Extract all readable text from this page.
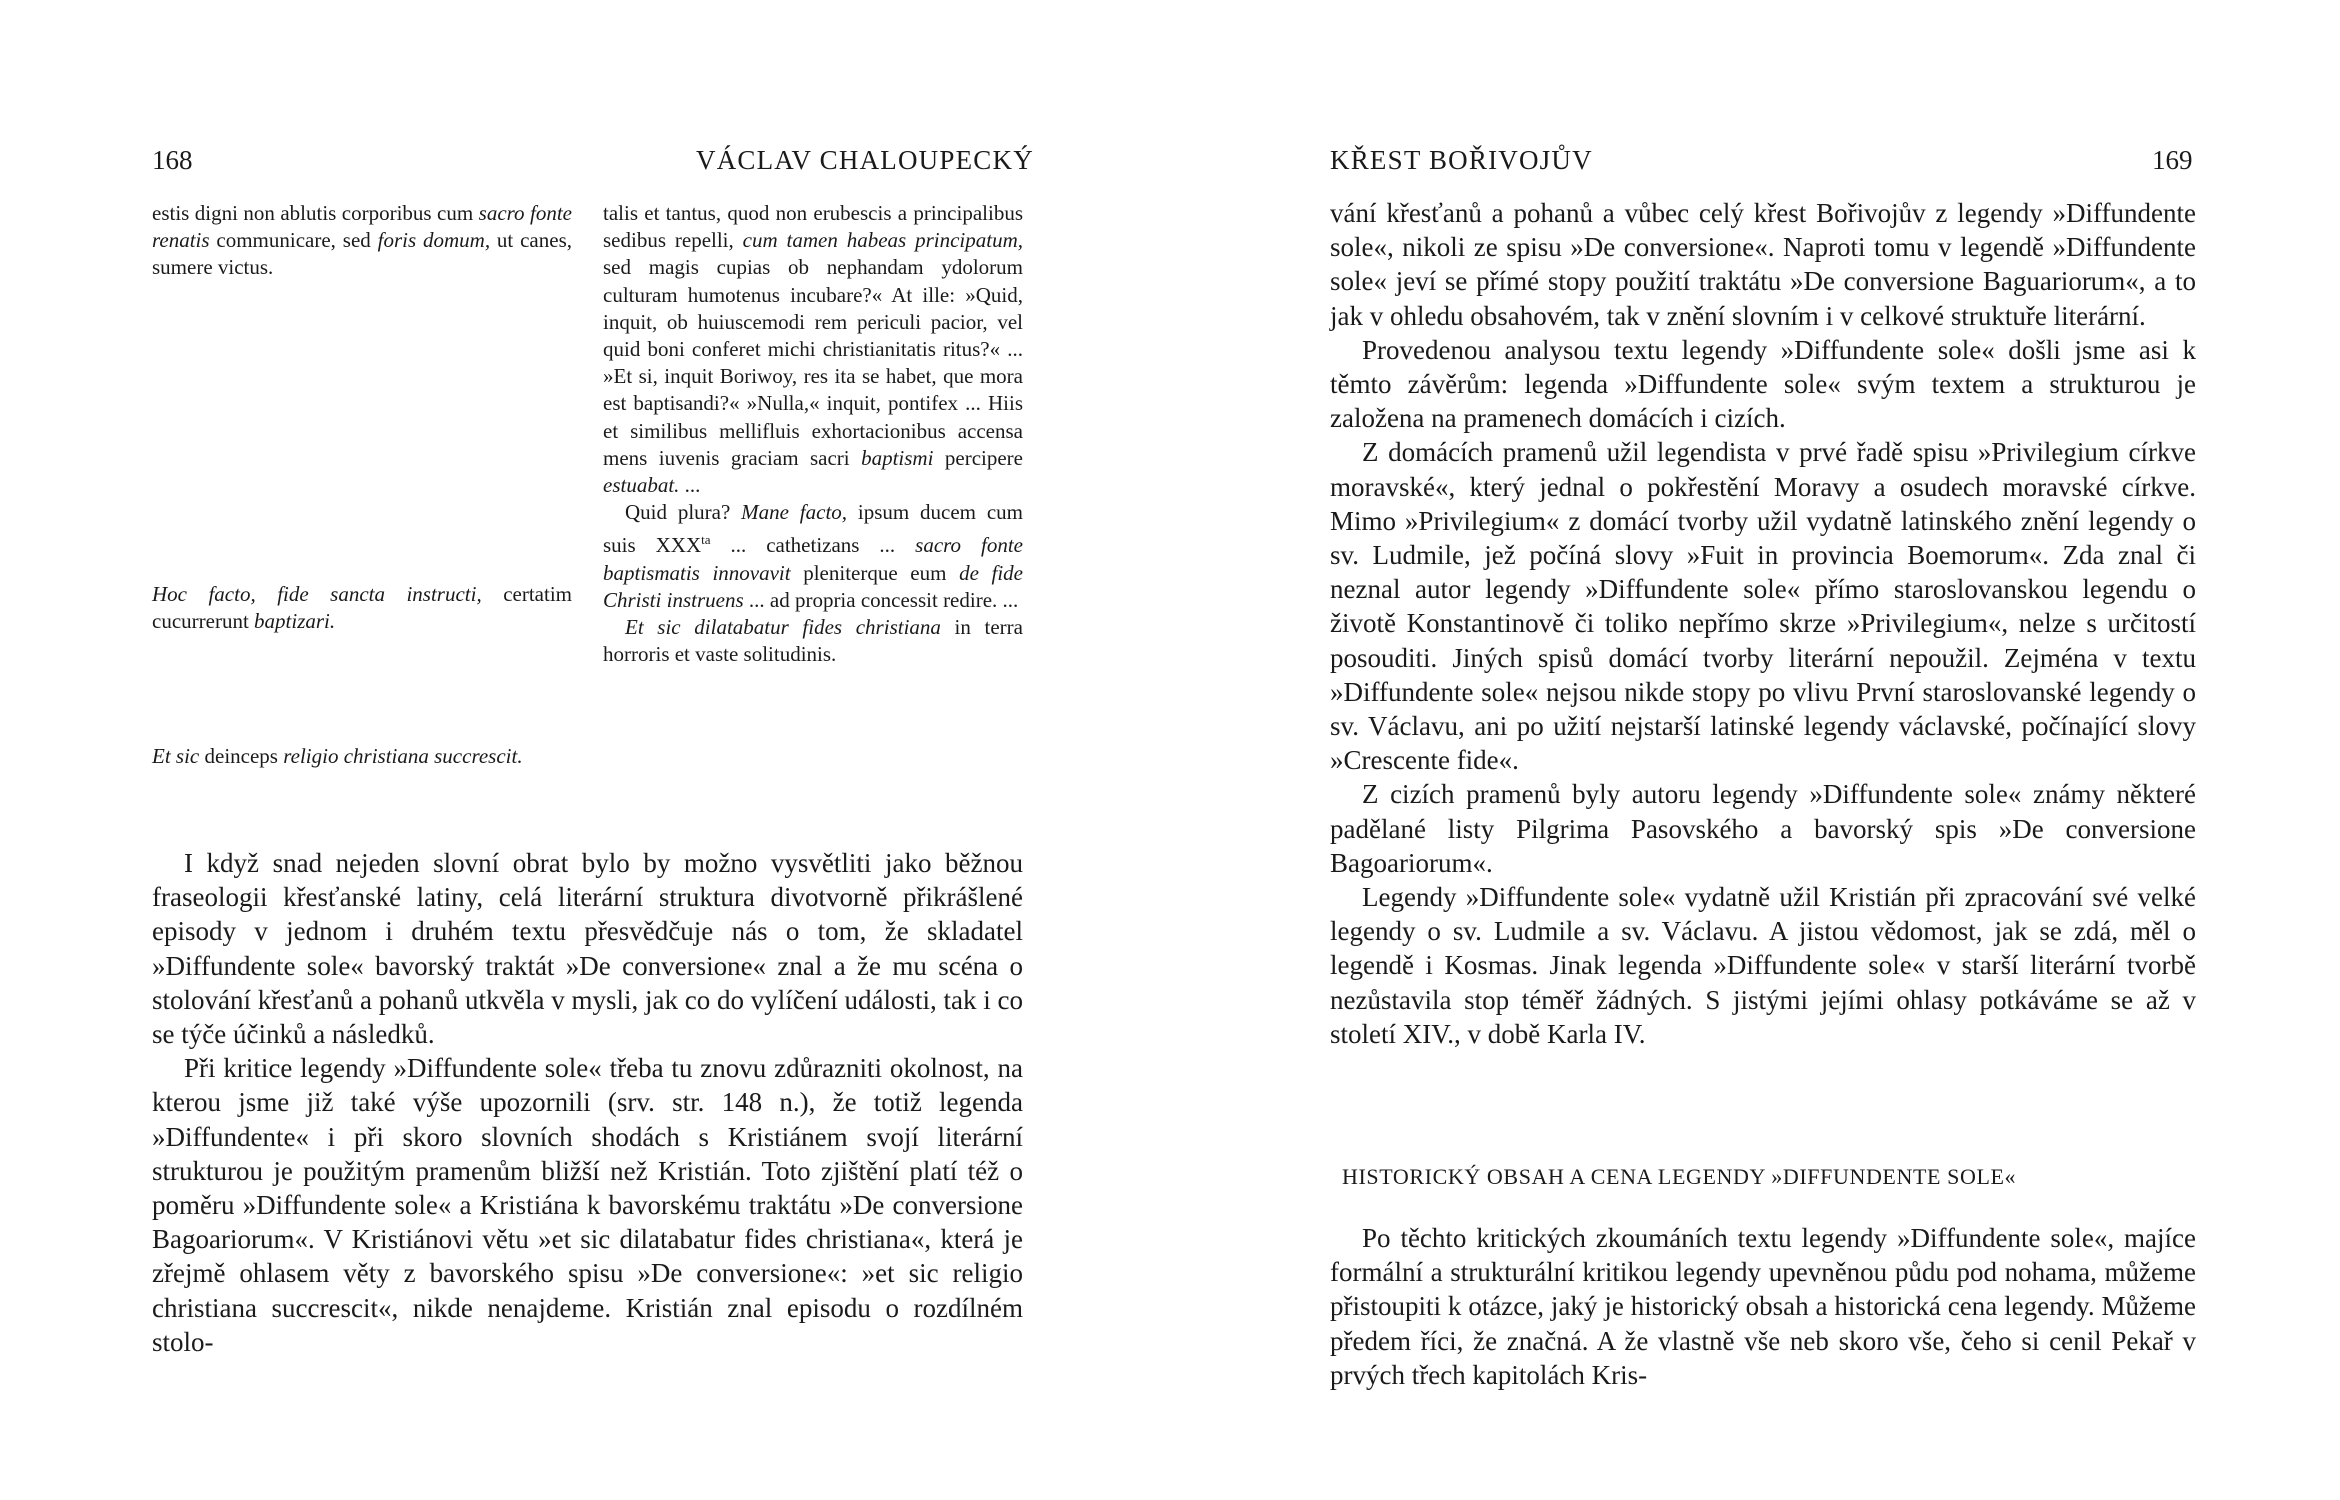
168	VÁCLAV CHALOUPECKÝ

estis digni non ablutis corporibus cum sacro fonte renatis communicare, sed foris domum, ut canes, sumere victus.

Hoc facto, fide sancta instructi, certatim cucurrerunt baptizari.

Et sic deinceps religio christiana succrescit.

talis et tantus, quod non erubescis a principalibus sedibus repelli, cum tamen habeas principatum, sed magis cupias ob nephandam ydolorum culturam humotenus incubare?« At ille: »Quid, inquit, ob huiuscemodi rem periculi pacior, vel quid boni conferet michi christianitatis ritus?« ... »Et si, inquit Boriwoy, res ita se habet, que mora est baptisandi?« »Nulla,« inquit, pontifex ... Hiis et similibus mellifluis exhortacionibus accensa mens iuvenis graciam sacri baptismi percipere estuabat. ...

Quid plura? Mane facto, ipsum ducem cum suis $XXX^{ta}$ ... cathetizans ... sacro fonte baptismatis innovavit pleniterque eum de fide Christi instruens ... ad propria concessit redire. ...

Et sic dilatabatur fides christiana in terra horroris et vaste solitudinis.

I když snad nejeden slovní obrat bylo by možno vysvětliti jako běžnou fraseologii křesťanské latiny, celá literární struktura divotvorně přikrášlené episody v jednom i druhém textu přesvědčuje nás o tom, že skladatel »Diffundente sole« bavorský traktát »De conversione« znal a že mu scéna o stolování křesťanů a pohanů utkvěla v mysli, jak co do vylíčení události, tak i co se týče účinků a následků.

Při kritice legendy »Diffundente sole« třeba tu znovu zdůrazniti okolnost, na kterou jsme již také výše upozornili (srv. str. 148 n.), že totiž legenda »Diffundente« i při skoro slovních shodách s Kristiánem svojí literární strukturou je použitým pramenům bližší než Kristián. Toto zjištění platí též o poměru »Diffundente sole« a Kristiána k bavorskému traktátu »De conversione Bagoariorum«. V Kristiánovi větu »et sic dilatabatur fides christiana«, která je zřejmě ohlasem věty z bavorského spisu »De conversione«: »et sic religio christiana succrescit«, nikde nenajdeme. Kristián znal episodu o rozdílném stolo-

KŘEST BOŘIVOJŮV	169

vání křesťanů a pohanů a vůbec celý křest Bořivojův z legendy »Diffundente sole«, nikoli ze spisu »De conversione«. Naproti tomu v legendě »Diffundente sole« jeví se přímé stopy použití traktátu »De conversione Baguariorum«, a to jak v ohledu obsahovém, tak v znění slovním i v celkové struktuře literární.

Provedenou analysou textu legendy »Diffundente sole« došli jsme asi k těmto závěrům: legenda »Diffundente sole« svým textem a strukturou je založena na pramenech domácích i cizích.

Z domácích pramenů užil legendista v prvé řadě spisu »Privilegium církve moravské«, který jednal o pokřestění Moravy a osudech moravské církve. Mimo »Privilegium« z domácí tvorby užil vydatně latinského znění legendy o sv. Ludmile, jež počíná slovy »Fuit in provincia Boemorum«. Zda znal či neznal autor legendy »Diffundente sole« přímo staroslovanskou legendu o životě Konstantinově či toliko nepřímo skrze »Privilegium«, nelze s určitostí posouditi. Jiných spisů domácí tvorby literární nepoužil. Zejména v textu »Diffundente sole« nejsou nikde stopy po vlivu První staroslovanské legendy o sv. Václavu, ani po užití nejstarší latinské legendy václavské, počínající slovy »Crescente fide«.

Z cizích pramenů byly autoru legendy »Diffundente sole« známy některé padělané listy Pilgrima Pasovského a bavorský spis »De conversione Bagoariorum«.

Legendy »Diffundente sole« vydatně užil Kristián při zpracování své velké legendy o sv. Ludmile a sv. Václavu. A jistou vědomost, jak se zdá, měl o legendě i Kosmas. Jinak legenda »Diffundente sole« v starší literární tvorbě nezůstavila stop téměř žádných. S jistými jejími ohlasy potkáváme se až v století XIV., v době Karla IV.

HISTORICKÝ OBSAH A CENA LEGENDY »DIFFUNDENTE SOLE«

Po těchto kritických zkoumáních textu legendy »Diffundente sole«, majíce formální a strukturální kritikou legendy upevněnou půdu pod nohama, můžeme přistoupiti k otázce, jaký je historický obsah a historická cena legendy. Můžeme předem říci, že značná. A že vlastně vše neb skoro vše, čeho si cenil Pekař v prvých třech kapitolách Kris-
